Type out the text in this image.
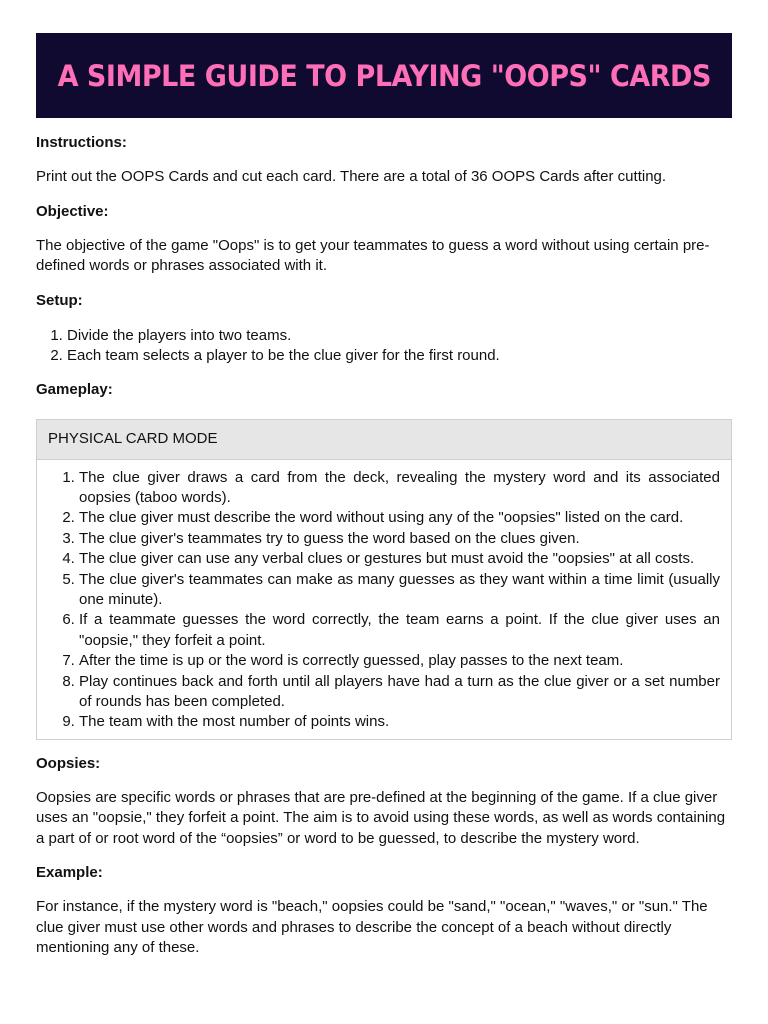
A SIMPLE GUIDE TO PLAYING "OOPS" CARDS

Instructions:

Print out the OOPS Cards and cut each card. There are a total of 36 OOPS Cards after cutting.

Objective:

The objective of the game "Oops" is to get your teammates to guess a word without using certain pre-defined words or phrases associated with it.

Setup:

1. Divide the players into two teams.
2. Each team selects a player to be the clue giver for the first round.

Gameplay:

PHYSICAL CARD MODE
1. The clue giver draws a card from the deck, revealing the mystery word and its associated oopsies (taboo words).
2. The clue giver must describe the word without using any of the "oopsies" listed on the card.
3. The clue giver's teammates try to guess the word based on the clues given.
4. The clue giver can use any verbal clues or gestures but must avoid the "oopsies" at all costs.
5. The clue giver's teammates can make as many guesses as they want within a time limit (usually one minute).
6. If a teammate guesses the word correctly, the team earns a point. If the clue giver uses an "oopsie," they forfeit a point.
7. After the time is up or the word is correctly guessed, play passes to the next team.
8. Play continues back and forth until all players have had a turn as the clue giver or a set number of rounds has been completed.
9. The team with the most number of points wins.

Oopsies:

Oopsies are specific words or phrases that are pre-defined at the beginning of the game. If a clue giver uses an "oopsie," they forfeit a point. The aim is to avoid using these words, as well as words containing a part of or root word of the “oopsies” or word to be guessed, to describe the mystery word.

Example:

For instance, if the mystery word is "beach," oopsies could be "sand," "ocean," "waves," or "sun." The clue giver must use other words and phrases to describe the concept of a beach without directly mentioning any of these.
